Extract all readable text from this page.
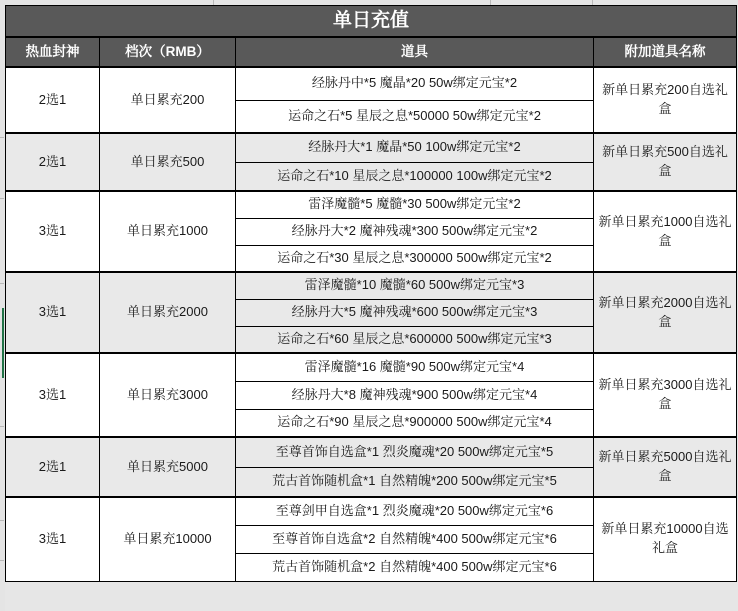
单日充值			
热血封神	档次（RMB）	道具	附加道具名称
2选1	单日累充200	经脉丹中*5 魔晶*20 50w绑定元宝*2	新单日累充200自选礼盒
		运命之石*5 星辰之息*50000 50w绑定元宝*2	
2选1	单日累充500	经脉丹大*1 魔晶*50 100w绑定元宝*2	新单日累充500自选礼盒
		运命之石*10 星辰之息*100000 100w绑定元宝*2	
3选1	单日累充1000	雷泽魔髓*5 魔髓*30 500w绑定元宝*2	新单日累充1000自选礼盒
		经脉丹大*2 魔神残魂*300 500w绑定元宝*2	
		运命之石*30 星辰之息*300000 500w绑定元宝*2	
3选1	单日累充2000	雷泽魔髓*10 魔髓*60 500w绑定元宝*3	新单日累充2000自选礼盒
		经脉丹大*5 魔神残魂*600 500w绑定元宝*3	
		运命之石*60 星辰之息*600000 500w绑定元宝*3	
3选1	单日累充3000	雷泽魔髓*16 魔髓*90 500w绑定元宝*4	新单日累充3000自选礼盒
		经脉丹大*8 魔神残魂*900 500w绑定元宝*4	
		运命之石*90 星辰之息*900000 500w绑定元宝*4	
2选1	单日累充5000	至尊首饰自选盒*1 烈炎魔魂*20 500w绑定元宝*5	新单日累充5000自选礼盒
		荒古首饰随机盒*1 自然精魄*200 500w绑定元宝*5	
3选1	单日累充10000	至尊剑甲自选盒*1 烈炎魔魂*20 500w绑定元宝*6	新单日累充10000自选礼盒
		至尊首饰自选盒*2 自然精魄*400 500w绑定元宝*6	
		荒古首饰随机盒*2 自然精魄*400 500w绑定元宝*6	
